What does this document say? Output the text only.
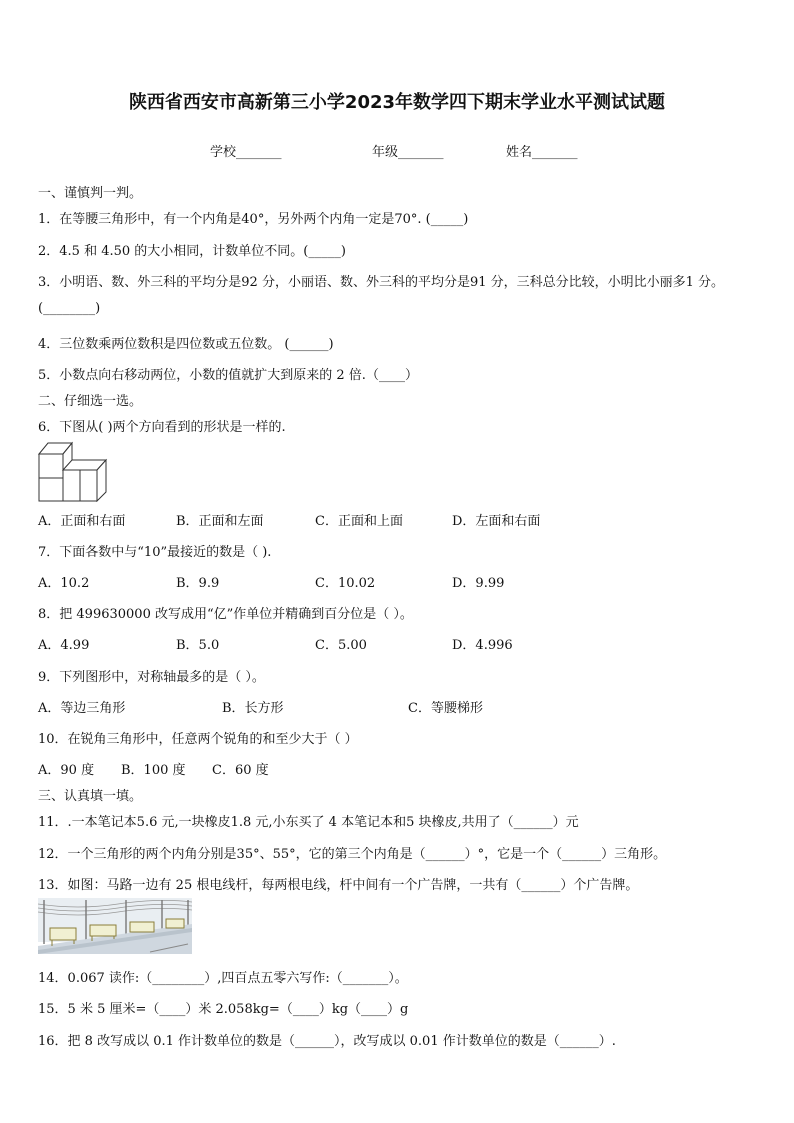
陕西省西安市高新第三小学2023年数学四下期末学业水平测试试题
学校_______	年级_______	姓名_______
一、谨慎判一判。
1．在等腰三角形中，有一个内角是40°，另外两个内角一定是70°. (_____)
2．4.5 和 4.50 的大小相同，计数单位不同。(_____)
3．小明语、数、外三科的平均分是92 分，小丽语、数、外三科的平均分是91 分，三科总分比较，小明比小丽多1 分。
(________)
4．三位数乘两位数积是四位数或五位数。 (______)
5．小数点向右移动两位，小数的值就扩大到原来的 2 倍.（____）
二、仔细选一选。
6．下图从( )两个方向看到的形状是一样的.
A．正面和右面	B．正面和左面	C．正面和上面	D．左面和右面
7．下面各数中与“10”最接近的数是（ ).
A．10.2	B．9.9	C．10.02	D．9.99
8．把 499630000 改写成用“亿”作单位并精确到百分位是（ ）。
A．4.99	B．5.0	C．5.00	D．4.996
9．下列图形中，对称轴最多的是（ ）。
A．等边三角形	B．长方形	C．等腰梯形
10．在锐角三角形中，任意两个锐角的和至少大于（ ）
A．90 度 B．100 度 C．60 度
三、认真填一填。
11．.一本笔记本5.6 元,一块橡皮1.8 元,小东买了 4 本笔记本和5 块橡皮,共用了（______）元
12．一个三角形的两个内角分别是35°、55°，它的第三个内角是（______）°，它是一个（______）三角形。
13．如图：马路一边有 25 根电线杆，每两根电线，杆中间有一个广告牌，一共有（______）个广告牌。
14．0.067 读作:（________）,四百点五零六写作:（_______）。
15．5 米 5 厘米=（____）米 2.058kg=（____）kg（____）g
16．把 8 改写成以 0.1 作计数单位的数是（______），改写成以 0.01 作计数单位的数是（______）.
